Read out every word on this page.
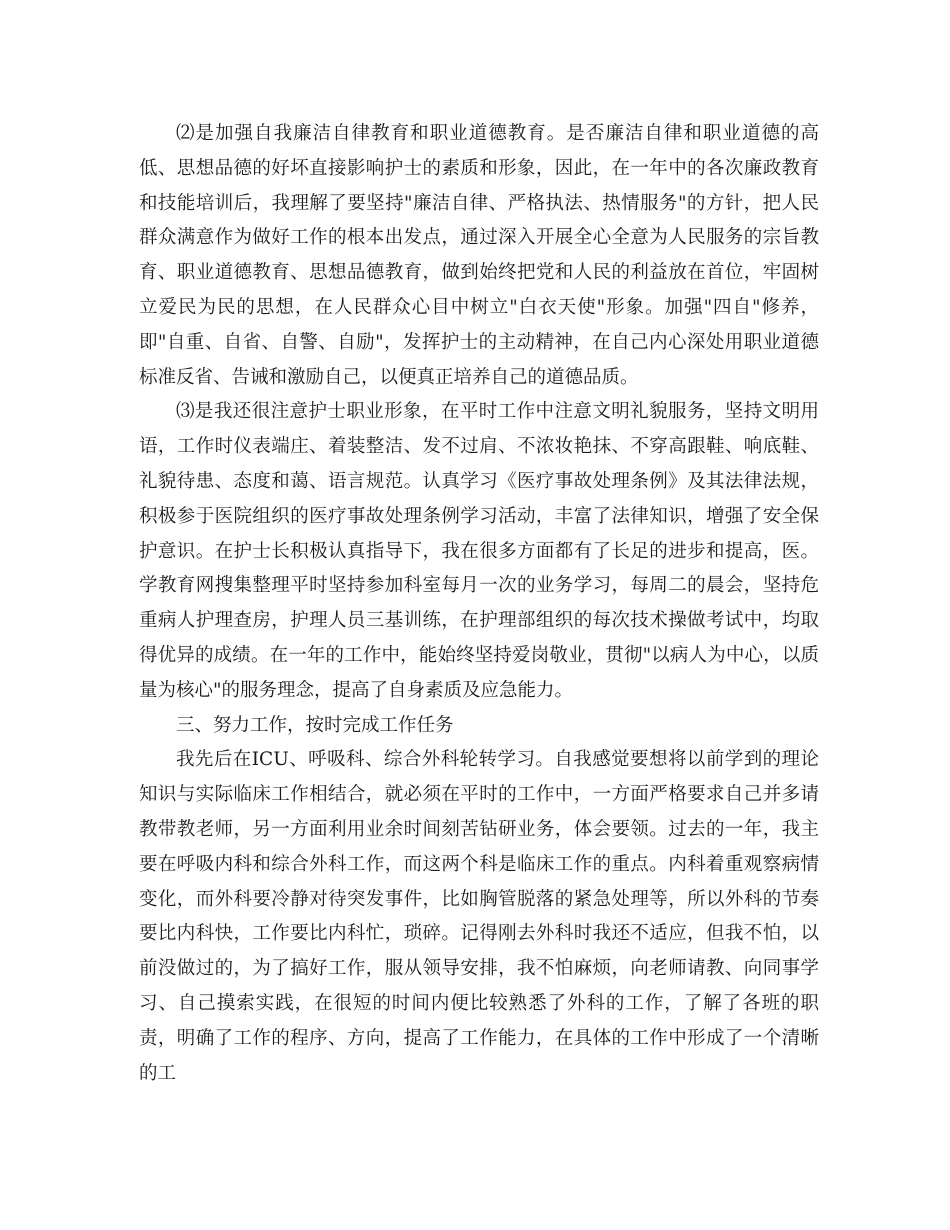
⑵是加强自我廉洁自律教育和职业道德教育。是否廉洁自律和职业道德的高低、思想品德的好坏直接影响护士的素质和形象，因此，在一年中的各次廉政教育和技能培训后，我理解了要坚持"廉洁自律、严格执法、热情服务"的方针，把人民群众满意作为做好工作的根本出发点，通过深入开展全心全意为人民服务的宗旨教育、职业道德教育、思想品德教育，做到始终把党和人民的利益放在首位，牢固树立爱民为民的思想，在人民群众心目中树立"白衣天使"形象。加强"四自"修养，即"自重、自省、自警、自励"，发挥护士的主动精神，在自己内心深处用职业道德标准反省、告诫和激励自己，以便真正培养自己的道德品质。

⑶是我还很注意护士职业形象，在平时工作中注意文明礼貌服务，坚持文明用语，工作时仪表端庄、着装整洁、发不过肩、不浓妆艳抹、不穿高跟鞋、响底鞋、礼貌待患、态度和蔼、语言规范。认真学习《医疗事故处理条例》及其法律法规，积极参于医院组织的医疗事故处理条例学习活动，丰富了法律知识，增强了安全保护意识。在护士长积极认真指导下，我在很多方面都有了长足的进步和提高，医。学教育网搜集整理平时坚持参加科室每月一次的业务学习，每周二的晨会，坚持危重病人护理查房，护理人员三基训练，在护理部组织的每次技术操做考试中，均取得优异的成绩。在一年的工作中，能始终坚持爱岗敬业，贯彻"以病人为中心，以质量为核心"的服务理念，提高了自身素质及应急能力。

三、努力工作，按时完成工作任务

我先后在ICU、呼吸科、综合外科轮转学习。自我感觉要想将以前学到的理论知识与实际临床工作相结合，就必须在平时的工作中，一方面严格要求自己并多请教带教老师，另一方面利用业余时间刻苦钻研业务，体会要领。过去的一年，我主要在呼吸内科和综合外科工作，而这两个科是临床工作的重点。内科着重观察病情变化，而外科要冷静对待突发事件，比如胸管脱落的紧急处理等，所以外科的节奏要比内科快，工作要比内科忙，琐碎。记得刚去外科时我还不适应，但我不怕，以前没做过的，为了搞好工作，服从领导安排，我不怕麻烦，向老师请教、向同事学习、自己摸索实践，在很短的时间内便比较熟悉了外科的工作，了解了各班的职责，明确了工作的程序、方向，提高了工作能力，在具体的工作中形成了一个清晰的工
